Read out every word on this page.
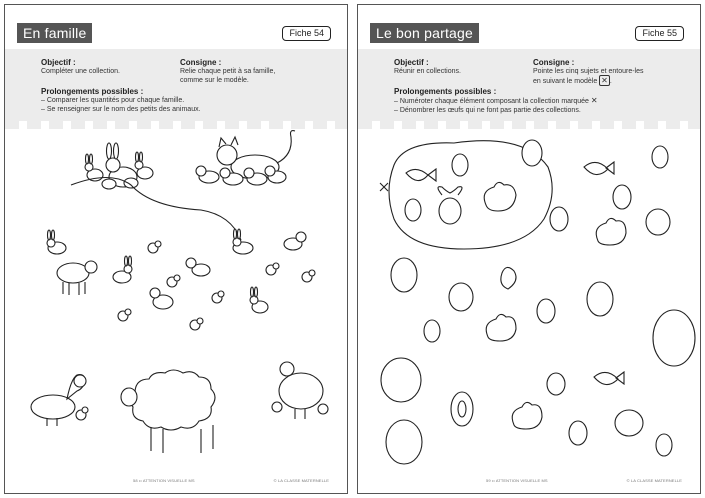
En famille	Fiche 54
Objectif :
Compléter une collection.
Consigne :
Relie chaque petit à sa famille,
comme sur le modèle.
Prolongements possibles :
– Comparer les quantités pour chaque famille.
– Se renseigner sur le nom des petits des animaux.
58 •• ATTENTION VISUELLE MS	© LA CLASSE MATERNELLE
Le bon partage	Fiche 55
Objectif :
Réunir en collections.
Consigne :
Pointe les cinq sujets et entoure-les
en suivant le modèle ✕ .
Prolongements possibles :
– Numéroter chaque élément composant la collection marquée ✕
– Dénombrer les œufs qui ne font pas partie des collections.
59 •• ATTENTION VISUELLE MS	© LA CLASSE MATERNELLE
